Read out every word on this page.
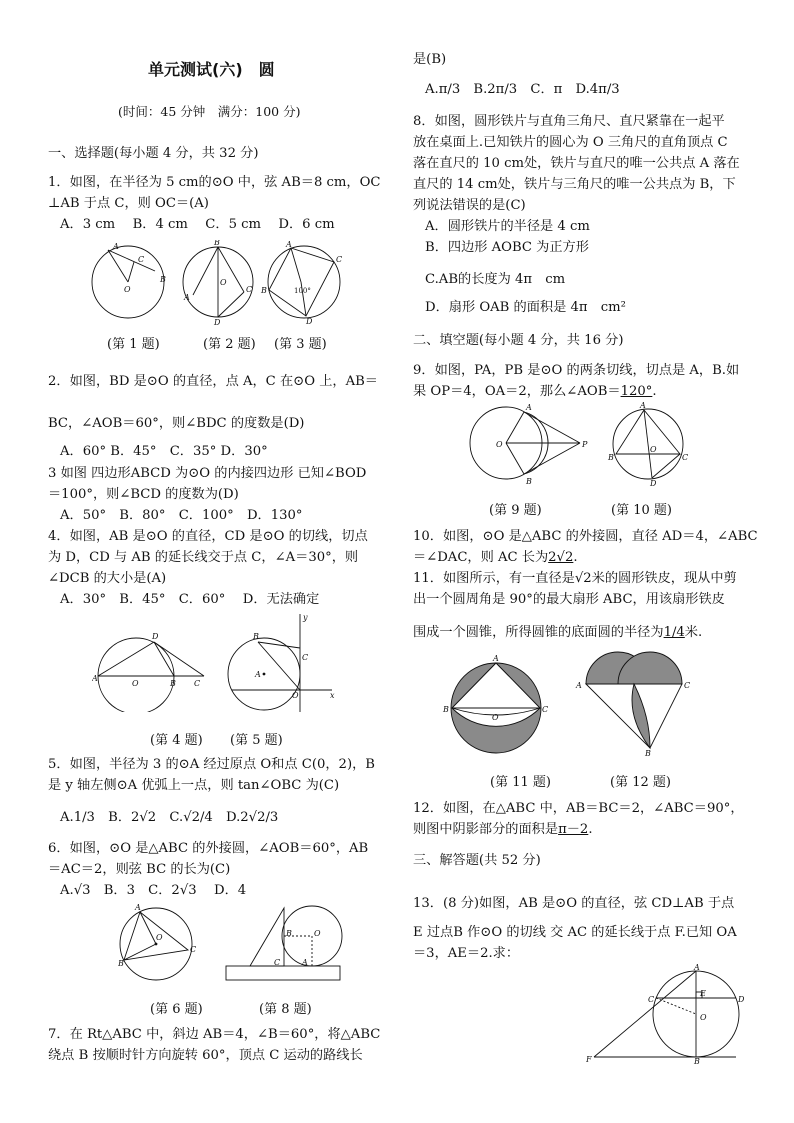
单元测试(六)　圆
(时间：45 分钟　满分：100 分)
一、选择题(每小题 4 分，共 32 分)
1．如图，在半径为 5 cm的⊙O 中，弦 AB＝8 cm，OC
⊥AB 于点 C，则 OC＝(A)
A．3 cm　 B．4 cm　 C．5 cm　 D．6 cm
A
B
C
O
A
B
C
D
O
A
B
C
D
100°
(第 1 题)	(第 2 题) (第 3 题)
2．如图，BD 是⊙O 的直径，点 A，C 在⊙O 上，AB＝
BC，∠AOB＝60°，则∠BDC 的度数是(D)
A．60° B．45°　C．35° D．30°
3 如图 四边形ABCD 为⊙O 的内接四边形 已知∠BOD
＝100°，则∠BCD 的度数为(D)
A．50°　B．80°　C．100°　D．130°
4．如图，AB 是⊙O 的直径，CD 是⊙O 的切线，切点
为 D，CD 与 AB 的延长线交于点 C，∠A＝30°，则
∠DCB 的大小是(A)
A．30°　B．45°　C．60°　 D．无法确定
A
O	B C
D	B
A
C
O
y
x
(第 4 题) (第 5 题)
5．如图，半径为 3 的⊙A 经过原点 O和点 C(0，2)，B
是 y 轴左侧⊙A 优弧上一点，则 tan∠OBC 为(C)
A.1/3　B．2√2　C.√2/4　D.2√2/3
6．如图，⊙O 是△ABC 的外接圆，∠AOB＝60°，AB
＝AC＝2，则弦 BC 的长为(C)
A.√3　B．3　C．2√3　 D．4
A
B
C
O	B	O
C	A
(第 6 题)	(第 8 题)
7．在 Rt△ABC 中，斜边 AB＝4，∠B＝60°，将△ABC
绕点 B 按顺时针方向旋转 60°，顶点 C 运动的路线长
是(B)
A.π/3　B.2π/3　C．π　D.4π/3
8．如图，圆形铁片与直角三角尺、直尺紧靠在一起平
放在桌面上.已知铁片的圆心为 O 三角尺的直角顶点 C
落在直尺的 10 cm处，铁片与直尺的唯一公共点 A 落在
直尺的 14 cm处，铁片与三角尺的唯一公共点为 B，下
列说法错误的是(C)
A．圆形铁片的半径是 4 cm
B．四边形 AOBC 为正方形
C.AB的长度为 4π　cm
D．扇形 OAB 的面积是 4π　cm²
二、填空题(每小题 4 分，共 16 分)
9．如图，PA，PB 是⊙O 的两条切线，切点是 A，B.如
果 OP＝4，OA＝2，那么∠AOB＝120°.
A
B
O	P
A
B	C
D
O
(第 9 题)	(第 10 题)
10．如图，⊙O 是△ABC 的外接圆，直径 AD＝4，∠ABC
＝∠DAC，则 AC 长为2√2.
11．如图所示，有一直径是√2米的圆形铁皮，现从中剪
出一个圆周角是 90°的最大扇形 ABC，用该扇形铁皮
围成一个圆锥，所得圆锥的底面圆的半径为1/4米.
A
B	C
O
A	C
B
(第 11 题)	(第 12 题)
12．如图，在△ABC 中，AB＝BC＝2，∠ABC＝90°，
则图中阴影部分的面积是π－2.
三、解答题(共 52 分)
13．(8 分)如图，AB 是⊙O 的直径，弦 CD⊥AB 于点
E 过点B 作⊙O 的切线 交 AC 的延长线于点 F.已知 OA
＝3，AE＝2.求：
A
C	D
E
O
B
F
